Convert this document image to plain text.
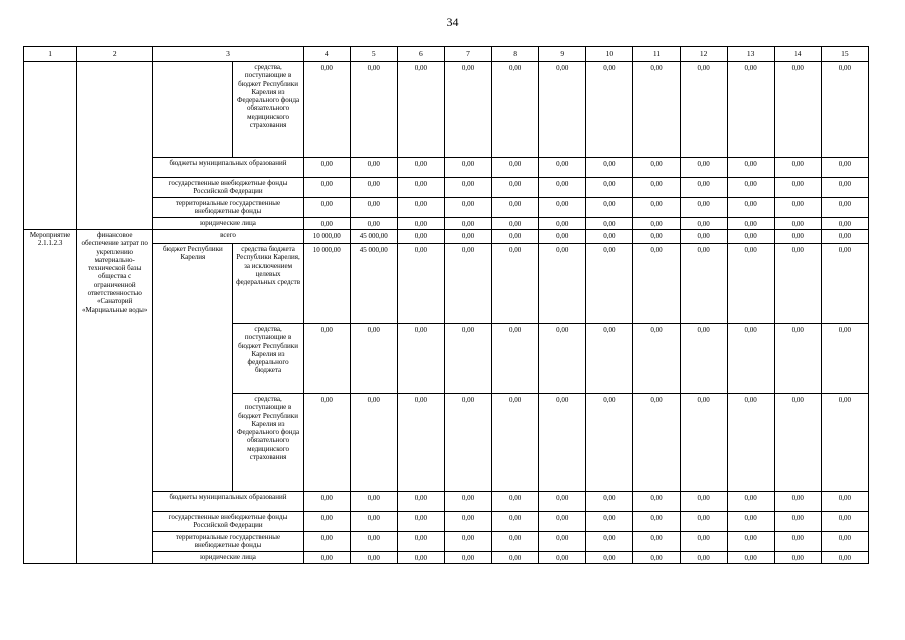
34
1	2	3		4	5	6	7	8	9	10	11	12	13	14	15
			средства, поступающие в бюджет Республики Карелия из Федерального фонда обязательного медицинского страхования	0,00	0,00	0,00	0,00	0,00	0,00	0,00	0,00	0,00	0,00	0,00	0,00
		бюджеты муниципальных образований		0,00	0,00	0,00	0,00	0,00	0,00	0,00	0,00	0,00	0,00	0,00	0,00
		государственные внебюджетные фонды Российской Федерации		0,00	0,00	0,00	0,00	0,00	0,00	0,00	0,00	0,00	0,00	0,00	0,00
		территориальные государственные внебюджетные фонды		0,00	0,00	0,00	0,00	0,00	0,00	0,00	0,00	0,00	0,00	0,00	0,00
		юридические лица		0,00	0,00	0,00	0,00	0,00	0,00	0,00	0,00	0,00	0,00	0,00	0,00
Мероприятие 2.1.1.2.3	финансовое обеспечение затрат по укреплению материально-технической базы общества с ограниченной ответственностью «Санаторий «Марциальные воды»	всего		10 000,00	45 000,00	0,00	0,00	0,00	0,00	0,00	0,00	0,00	0,00	0,00	0,00
		бюджет Республики Карелия	средства бюджета Республики Карелия, за исключением целевых федеральных средств	10 000,00	45 000,00	0,00	0,00	0,00	0,00	0,00	0,00	0,00	0,00	0,00	0,00
			средства, поступающие в бюджет Республики Карелия из федерального бюджета	0,00	0,00	0,00	0,00	0,00	0,00	0,00	0,00	0,00	0,00	0,00	0,00
			средства, поступающие в бюджет Республики Карелия из Федерального фонда обязательного медицинского страхования	0,00	0,00	0,00	0,00	0,00	0,00	0,00	0,00	0,00	0,00	0,00	0,00
		бюджеты муниципальных образований		0,00	0,00	0,00	0,00	0,00	0,00	0,00	0,00	0,00	0,00	0,00	0,00
		государственные внебюджетные фонды Российской Федерации		0,00	0,00	0,00	0,00	0,00	0,00	0,00	0,00	0,00	0,00	0,00	0,00
		территориальные государственные внебюджетные фонды		0,00	0,00	0,00	0,00	0,00	0,00	0,00	0,00	0,00	0,00	0,00	0,00
		юридические лица		0,00	0,00	0,00	0,00	0,00	0,00	0,00	0,00	0,00	0,00	0,00	0,00
